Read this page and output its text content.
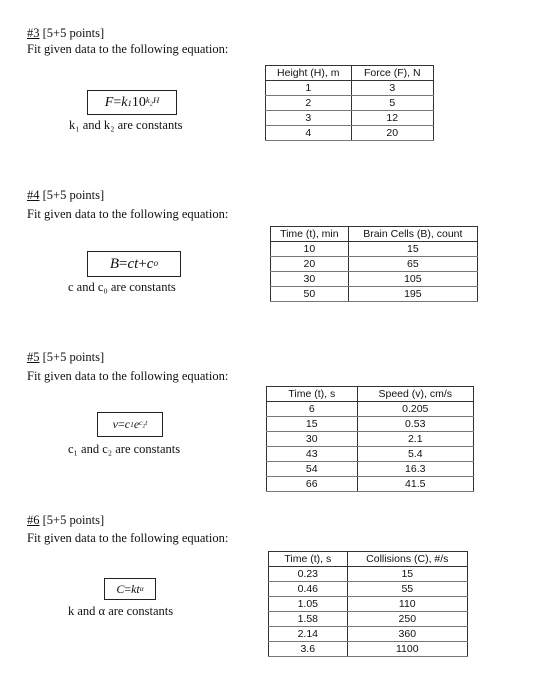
#3 [5+5 points]
Fit given data to the following equation:
F = k 1 10 $k_2H$
k₁ and k₂ are constants
Height (H), m	Force (F), N
1	3
2	5
3	12
4	20
#4 [5+5 points]
Fit given data to the following equation:
B = ct + c o
c and c₀ are constants
Time (t), min	Brain Cells (B), count
10	15
20	65
30	105
50	195
#5 [5+5 points]
Fit given data to the following equation:
v = c 1 e $c_2t$
c₁ and c₂ are constants
Time (t), s	Speed (v), cm/s
6	0.205
15	0.53
30	2.1
43	5.4
54	16.3
66	41.5
#6 [5+5 points]
Fit given data to the following equation:
C = kt α
k and α are constants
Time (t), s	Collisions (C), #/s
0.23	15
0.46	55
1.05	110
1.58	250
2.14	360
3.6	1100
